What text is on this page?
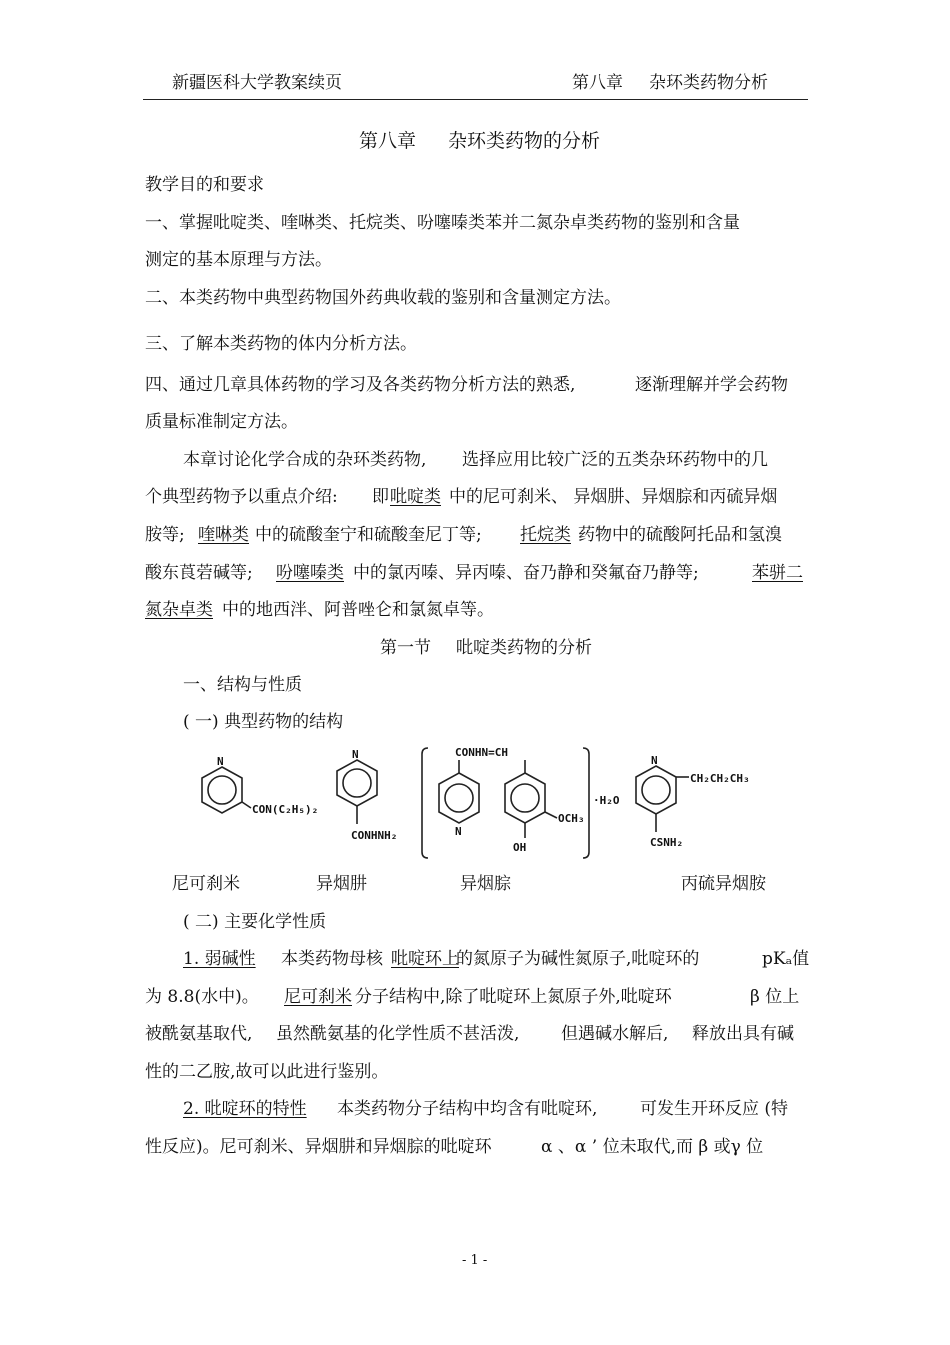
新疆医科大学教案续页	第八章 杂环类药物分析
第八章 杂环类药物的分析
教学目的和要求
一、掌握吡啶类、喹啉类、托烷类、吩噻嗪类苯并二氮杂卓类药物的鉴别和含量
测定的基本原理与方法。
二、本类药物中典型药物国外药典收载的鉴别和含量测定方法。
三、了解本类药物的体内分析方法。
四、通过几章具体药物的学习及各类药物分析方法的熟悉,	逐渐理解并学会药物
质量标准制定方法。
本章讨论化学合成的杂环类药物, 选择应用比较广泛的五类杂环药物中的几
个典型药物予以重点介绍: 即 吡啶类 中的尼可刹米、 异烟肼、异烟腙和丙硫异烟
胺等; 喹啉类 中的硫酸奎宁和硫酸奎尼丁等; 托烷类 药物中的硫酸阿托品和氢溴
酸东莨菪碱等; 吩噻嗪类 中的氯丙嗪、异丙嗪、奋乃静和癸氟奋乃静等;	苯骈二
氮杂卓类 中的地西泮、阿普唑仑和氯氮卓等。
第一节 吡啶类药物的分析
一、结构与性质
( 一) 典型药物的结构
N
CON(C₂H₅)₂
N
CONHNH₂
CONHN=CH
N
OCH₃
OH
·H₂O
N
CH₂CH₂CH₃
CSNH₂
尼可刹米	异烟肼	异烟腙	丙硫异烟胺
( 二) 主要化学性质
1. 弱碱性 本类药物母核 吡啶环上
的氮原子为碱性氮原子,吡啶环的	pKₐ值
为 8.8(水中)。 尼可刹米 分子结构中,除了吡啶环上氮原子外,吡啶环	β 位上
被酰氨基取代, 虽然酰氨基的化学性质不甚活泼, 但遇碱水解后, 释放出具有碱
性的二乙胺,故可以此进行鉴别。
2. 吡啶环的特性 本类药物分子结构中均含有吡啶环,	可发生开环反应 (特
性反应)。尼可刹米、异烟肼和异烟腙的吡啶环	α 、α ’ 位未取代,而 β 或γ 位
- 1 -
